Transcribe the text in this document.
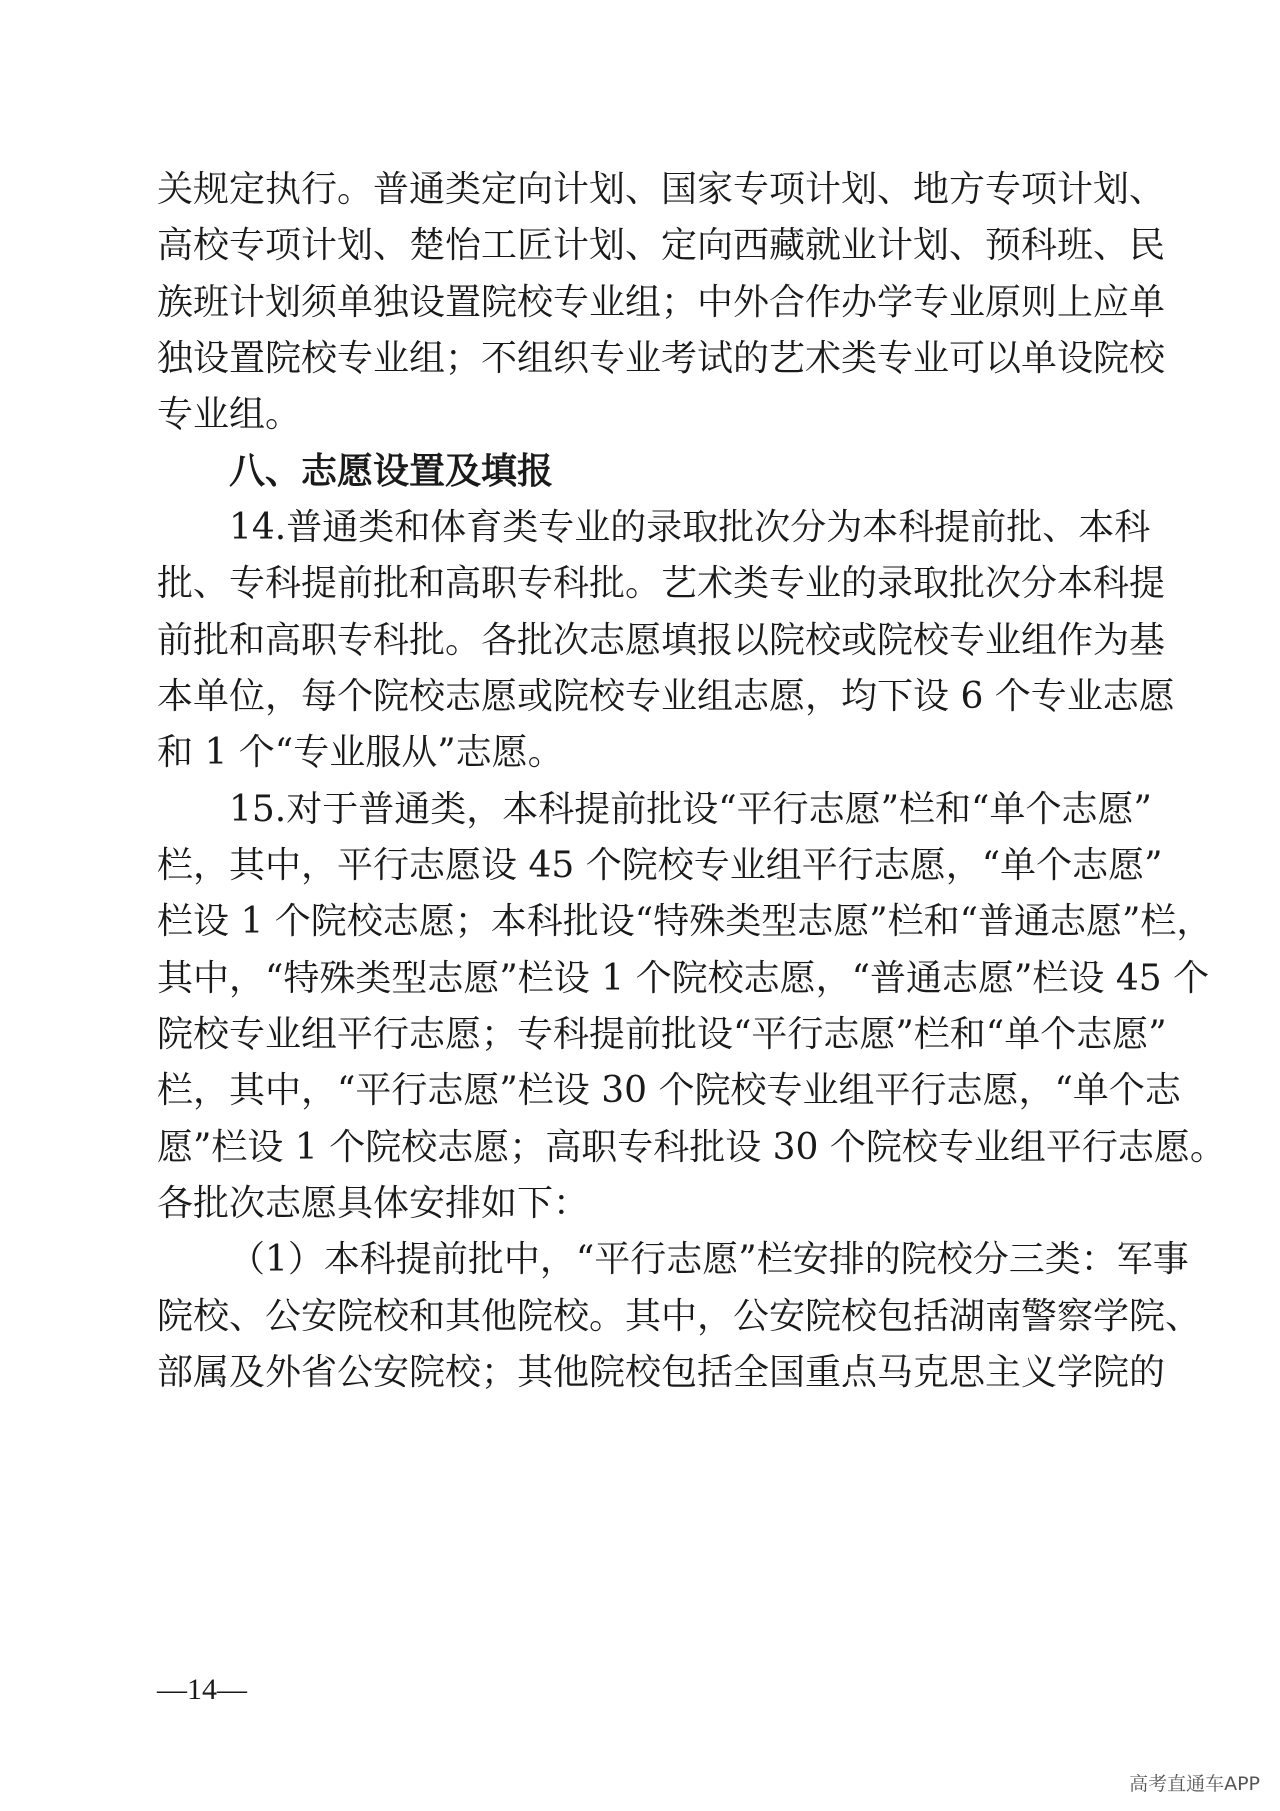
关规定执行。普通类定向计划、国家专项计划、地方专项计划、
高校专项计划、楚怡工匠计划、定向西藏就业计划、预科班、民
族班计划须单独设置院校专业组；中外合作办学专业原则上应单
独设置院校专业组；不组织专业考试的艺术类专业可以单设院校
专业组。
八、志愿设置及填报
14.普通类和体育类专业的录取批次分为本科提前批、本科
批、专科提前批和高职专科批。艺术类专业的录取批次分本科提
前批和高职专科批。各批次志愿填报以院校或院校专业组作为基
本单位，每个院校志愿或院校专业组志愿，均下设 6 个专业志愿
和 1 个“专业服从”志愿。
15.对于普通类，本科提前批设“平行志愿”栏和“单个志愿”
栏，其中，平行志愿设 45 个院校专业组平行志愿，“单个志愿”
栏设 1 个院校志愿；本科批设“特殊类型志愿”栏和“普通志愿”栏，
其中，“特殊类型志愿”栏设 1 个院校志愿，“普通志愿”栏设 45 个
院校专业组平行志愿；专科提前批设“平行志愿”栏和“单个志愿”
栏，其中，“平行志愿”栏设 30 个院校专业组平行志愿，“单个志
愿”栏设 1 个院校志愿；高职专科批设 30 个院校专业组平行志愿。
各批次志愿具体安排如下：
（1）本科提前批中，“平行志愿”栏安排的院校分三类：军事
院校、公安院校和其他院校。其中，公安院校包括湖南警察学院、
部属及外省公安院校；其他院校包括全国重点马克思主义学院的
—14—
高考直通车APP
